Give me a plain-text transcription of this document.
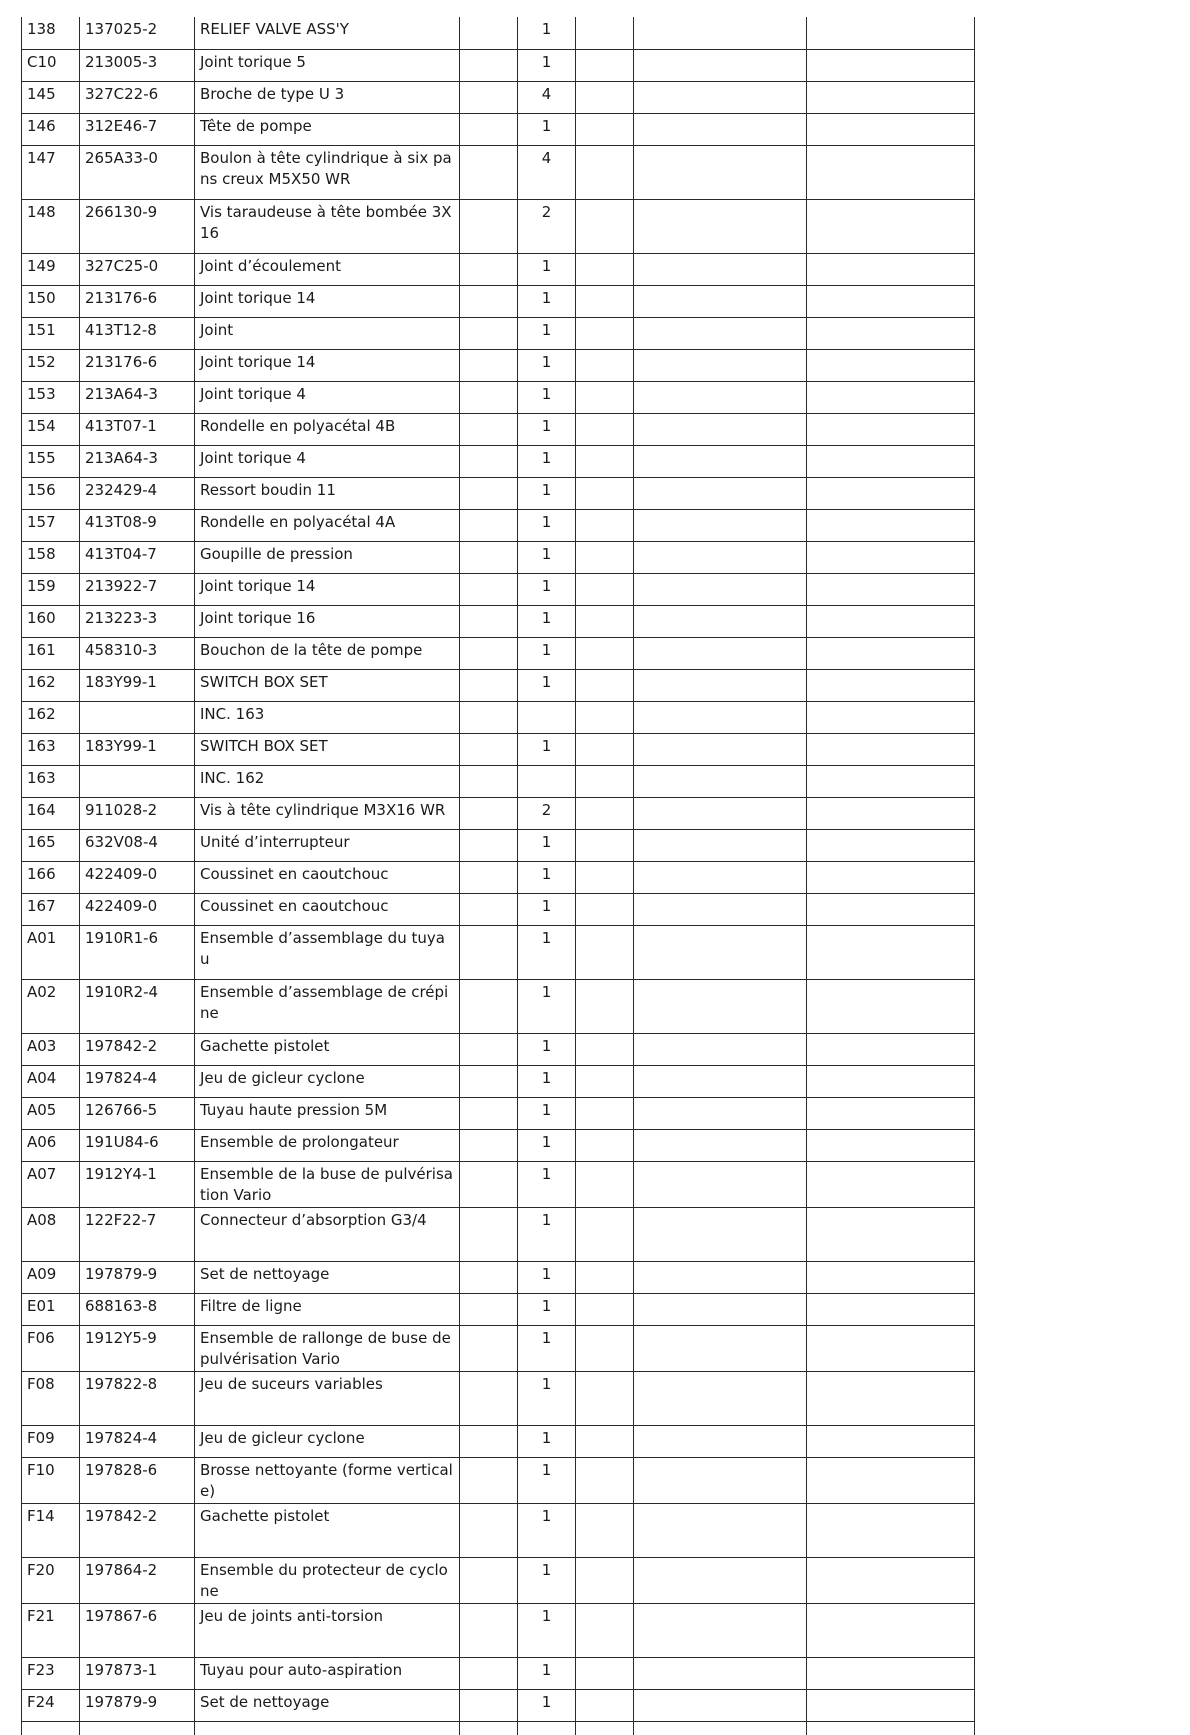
138	137025-2	RELIEF VALVE ASS'Y		1			
C10	213005-3	Joint torique 5		1			
145	327C22-6	Broche de type U 3		4			
146	312E46-7	Tête de pompe		1			
147	265A33-0	Boulon à tête cylindrique à six pans creux M5X50 WR		4			
148	266130-9	Vis taraudeuse à tête bombée 3X16		2			
149	327C25-0	Joint d’écoulement		1			
150	213176-6	Joint torique 14		1			
151	413T12-8	Joint		1			
152	213176-6	Joint torique 14		1			
153	213A64-3	Joint torique 4		1			
154	413T07-1	Rondelle en polyacétal 4B		1			
155	213A64-3	Joint torique 4		1			
156	232429-4	Ressort boudin 11		1			
157	413T08-9	Rondelle en polyacétal 4A		1			
158	413T04-7	Goupille de pression		1			
159	213922-7	Joint torique 14		1			
160	213223-3	Joint torique 16		1			
161	458310-3	Bouchon de la tête de pompe		1			
162	183Y99-1	SWITCH BOX SET		1			
162		INC. 163					
163	183Y99-1	SWITCH BOX SET		1			
163		INC. 162					
164	911028-2	Vis à tête cylindrique M3X16 WR		2			
165	632V08-4	Unité d’interrupteur		1			
166	422409-0	Coussinet en caoutchouc		1			
167	422409-0	Coussinet en caoutchouc		1			
A01	1910R1-6	Ensemble d’assemblage du tuyau		1			
A02	1910R2-4	Ensemble d’assemblage de crépine		1			
A03	197842-2	Gachette pistolet		1			
A04	197824-4	Jeu de gicleur cyclone		1			
A05	126766-5	Tuyau haute pression 5M		1			
A06	191U84-6	Ensemble de prolongateur		1			
A07	1912Y4-1	Ensemble de la buse de pulvérisation Vario		1			
A08	122F22-7	Connecteur d’absorption G3/4		1			
A09	197879-9	Set de nettoyage		1			
E01	688163-8	Filtre de ligne		1			
F06	1912Y5-9	Ensemble de rallonge de buse de pulvérisation Vario		1			
F08	197822-8	Jeu de suceurs variables		1			
F09	197824-4	Jeu de gicleur cyclone		1			
F10	197828-6	Brosse nettoyante (forme verticale)		1			
F14	197842-2	Gachette pistolet		1			
F20	197864-2	Ensemble du protecteur de cyclone		1			
F21	197867-6	Jeu de joints anti-torsion		1			
F23	197873-1	Tuyau pour auto-aspiration		1			
F24	197879-9	Set de nettoyage		1			
